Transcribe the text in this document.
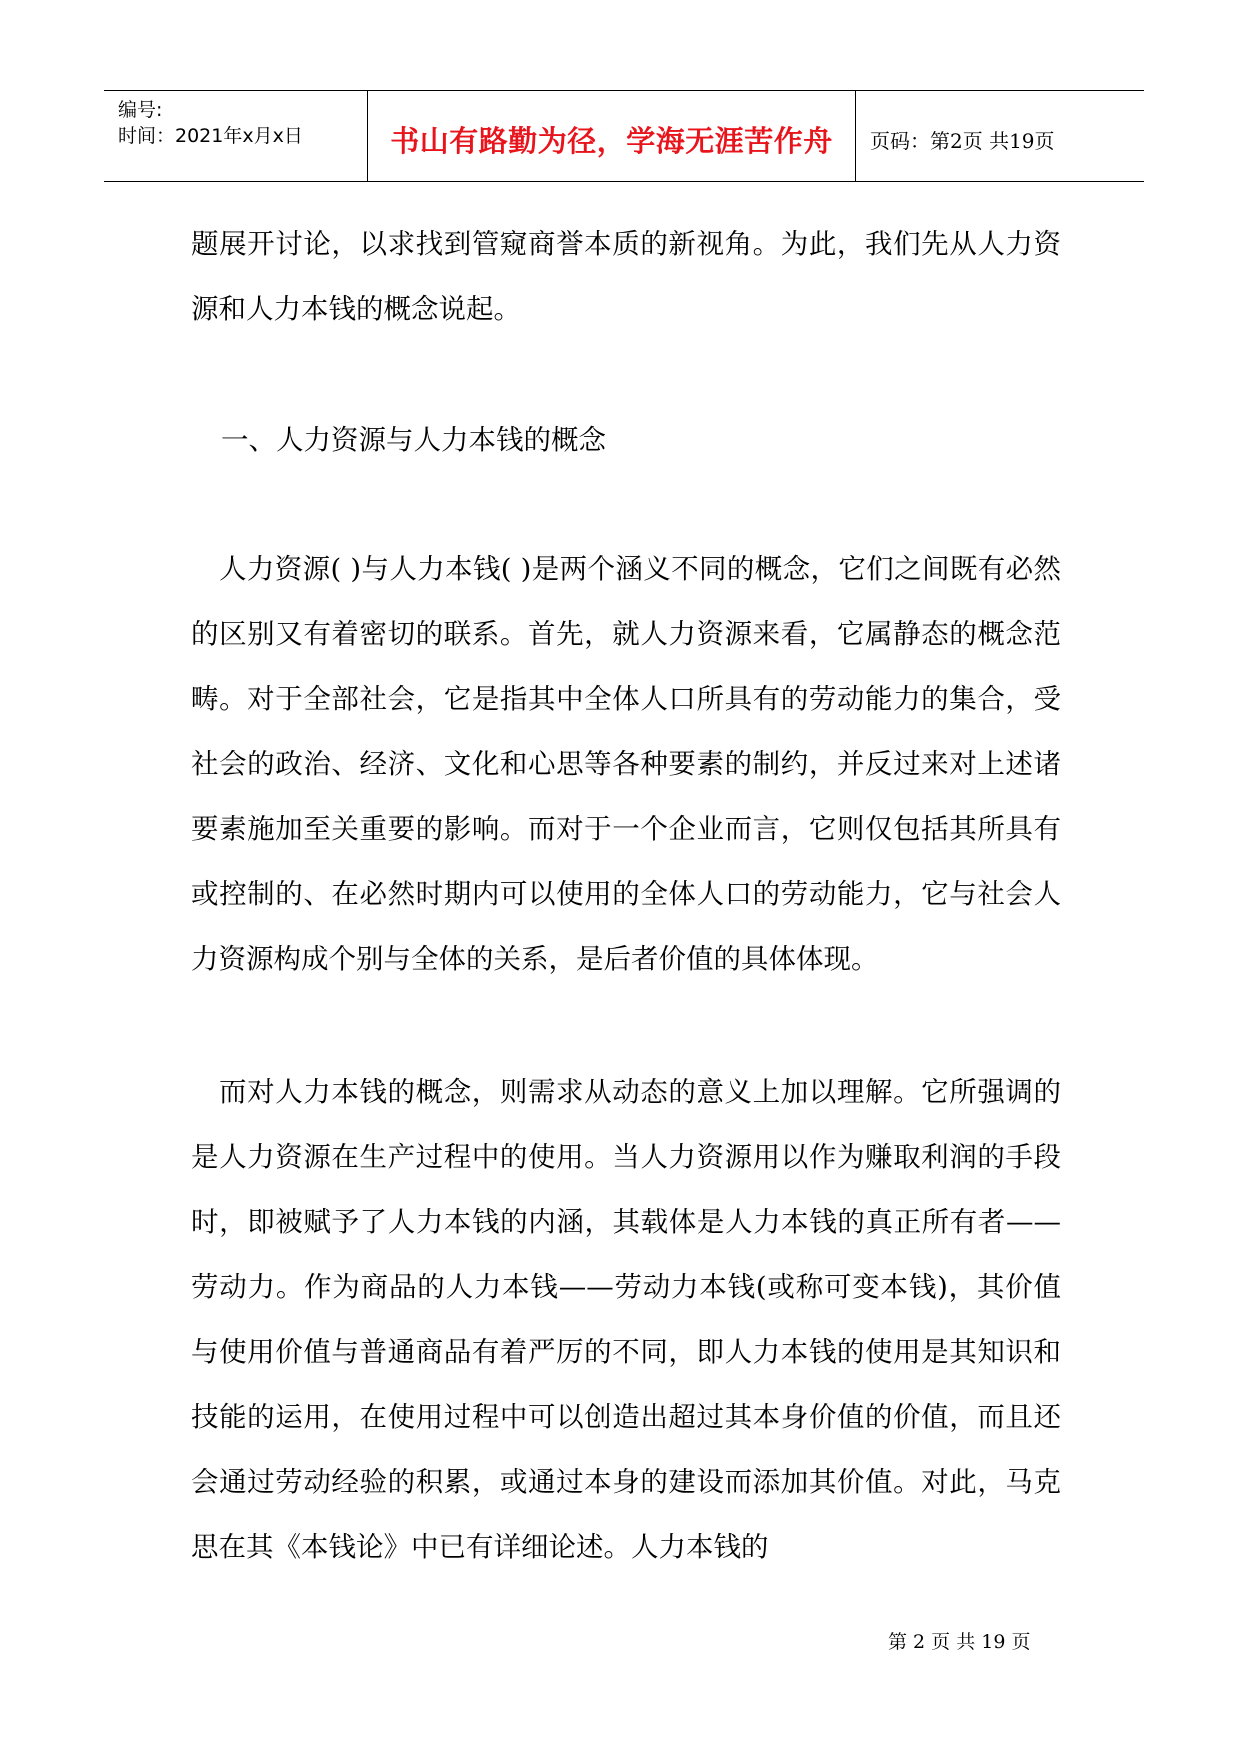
编号:
时间：2021年x月x日	书山有路勤为径，学海无涯苦作舟	页码：第2页 共19页
题展开讨论，以求找到管窥商誉本质的新视角。为此，我们先从人力资源和人力本钱的概念说起。
一、人力资源与人力本钱的概念
人力资源( )与人力本钱( )是两个涵义不同的概念，它们之间既有必然的区别又有着密切的联系。首先，就人力资源来看，它属静态的概念范畴。对于全部社会，它是指其中全体人口所具有的劳动能力的集合，受社会的政治、经济、文化和心思等各种要素的制约，并反过来对上述诸要素施加至关重要的影响。而对于一个企业而言，它则仅包括其所具有或控制的、在必然时期内可以使用的全体人口的劳动能力，它与社会人力资源构成个别与全体的关系，是后者价值的具体体现。
而对人力本钱的概念，则需求从动态的意义上加以理解。它所强调的是人力资源在生产过程中的使用。当人力资源用以作为赚取利润的手段时，即被赋予了人力本钱的内涵，其载体是人力本钱的真正所有者——劳动力。作为商品的人力本钱——劳动力本钱(或称可变本钱)，其价值与使用价值与普通商品有着严厉的不同，即人力本钱的使用是其知识和技能的运用，在使用过程中可以创造出超过其本身价值的价值，而且还会通过劳动经验的积累，或通过本身的建设而添加其价值。对此，马克思在其《本钱论》中已有详细论述。人力本钱的
第 2 页 共 19 页
